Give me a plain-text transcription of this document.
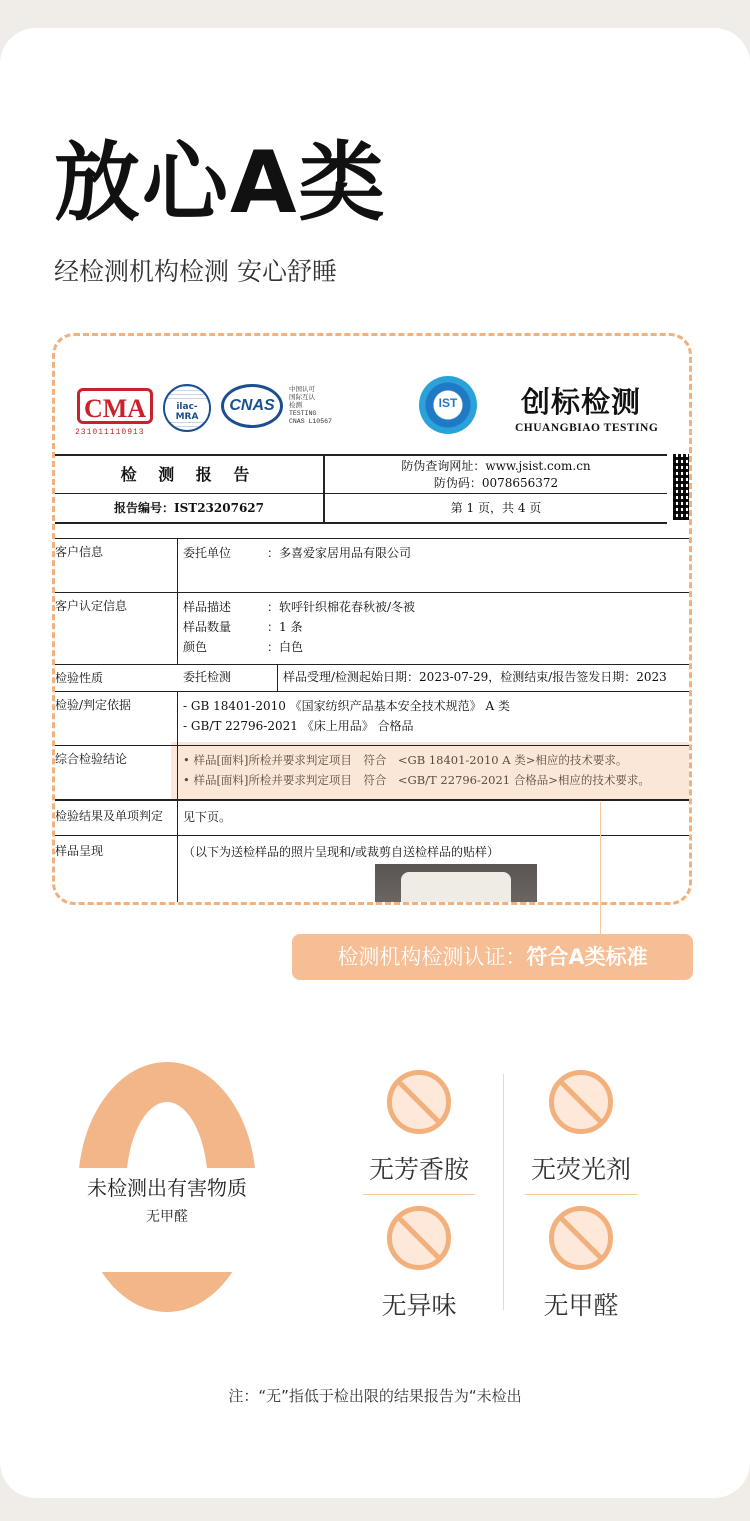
放心A类
经检测机构检测 安心舒睡
CMA
231011110913
ilac-MRA
CNAS
中国认可
国际互认
检测
TESTING
CNAS L10567
IST	创标检测
CHUANGBIAO TESTING
检 测 报 告
报告编号：IST23207627
防伪查询网址：www.jsist.com.cn
防伪码：0078656372
第 1 页，共 4 页
客户信息	委托单位　　　：多喜爱家居用品有限公司
客户认定信息	样品描述　　　：软呼针织棉花春秋被/冬被
样品数量　　　：1 条
颜色　　　　　：白色
检验性质	委托检测	样品受理/检测起始日期：2023-07-29，检测结束/报告签发日期：2023
检验/判定依据	- GB 18401-2010 《国家纺织产品基本安全技术规范》 A 类
- GB/T 22796-2021 《床上用品》 合格品
综合检验结论	• 样品[面料]所检并要求判定项目　符合　<GB 18401-2010 A 类>相应的技术要求。
• 样品[面料]所检并要求判定项目　符合　<GB/T 22796-2021 合格品>相应的技术要求。
检验结果及单项判定	见下页。
样品呈现	（以下为送检样品的照片呈现和/或裁剪自送检样品的贴样）
检测机构检测认证：符合A类标准
未检测出有害物质
无甲醛
无芳香胺	无荧光剂
无异味	无甲醛
注：“无”指低于检出限的结果报告为“未检出
